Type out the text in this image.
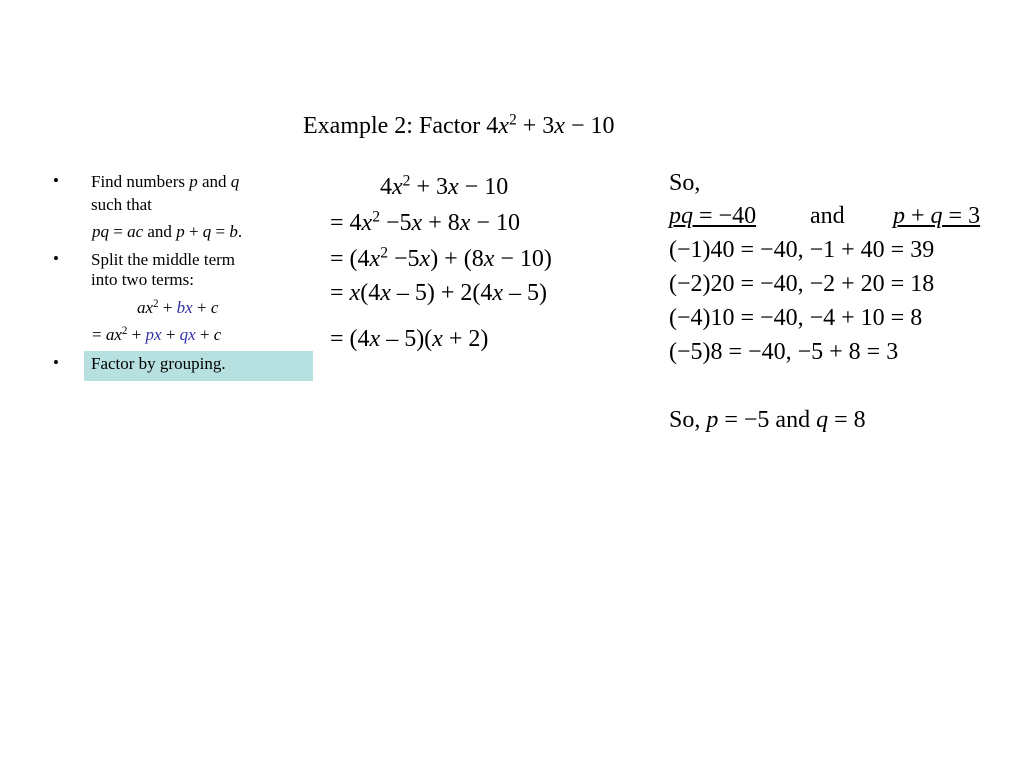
Example 2: Factor $4x^2 + 3x - 10$
• Find numbers p and q
such that
pq = ac and p + q = b.
• Split the middle term
into two terms:
$ax^2$ + bx + c
= $ax^2$ + px + qx + c
• Factor by grouping.
$4x^2 + 3x - 10$
= $4x^2 -5x + 8x - 10$
= $(4x^2 -5x) + (8x - 10)$
= x(4x – 5) + 2(4x – 5)
= (4x – 5)(x + 2)
So,
pq = −40 and p + q = 3
(−1)40 = −40, −1 + 40 = 39
(−2)20 = −40, −2 + 20 = 18
(−4)10 = −40, −4 + 10 = 8
(−5)8 = −40, −5 + 8 = 3
So, p = −5 and q = 8
